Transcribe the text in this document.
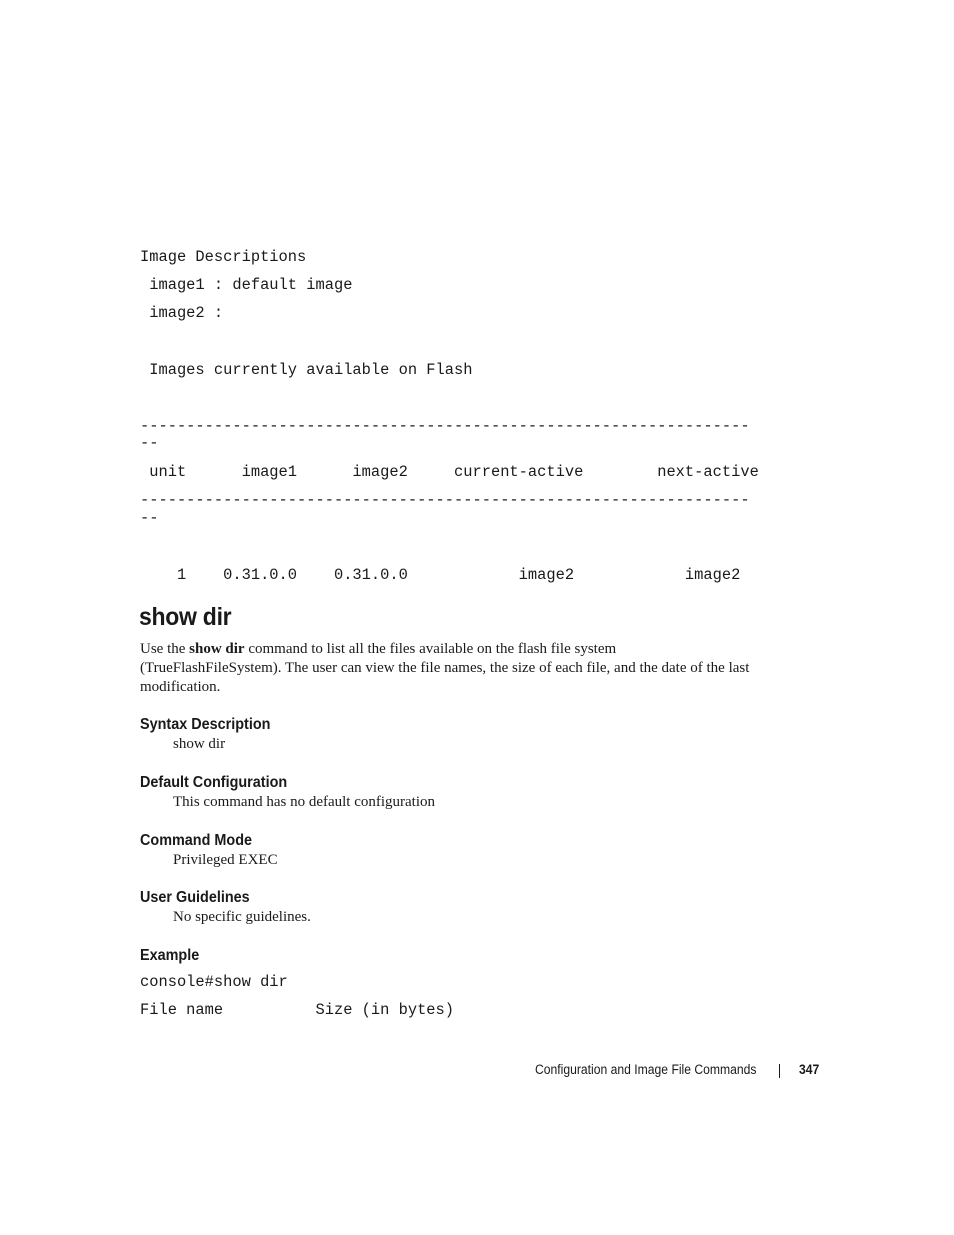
Image Descriptions
image1 : default image
image2 :
Images currently available on Flash
------------------------------------------------------------------
--
unit      image1      image2     current-active        next-active
------------------------------------------------------------------
--
1    0.31.0.0    0.31.0.0            image2            image2
show dir

Use the show dir command to list all the files available on the flash file system (TrueFlashFileSystem). The user can view the file names, the size of each file, and the date of the last modification.

Syntax Description

show dir

Default Configuration

This command has no default configuration

Command Mode

Privileged EXEC

User Guidelines

No specific guidelines.

Example
console#show dir
File name          Size (in bytes)
Configuration and Image File Commands	347
